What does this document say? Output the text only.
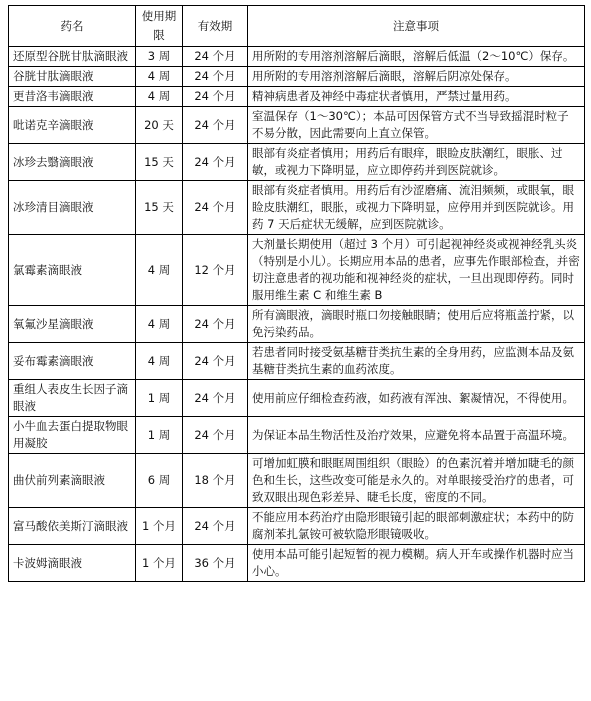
药名	使用期限	有效期	注意事项
还原型谷胱甘肽滴眼液	3 周	24 个月	用所附的专用溶剂溶解后滴眼，溶解后低温（2～10℃）保存。
谷胱甘肽滴眼液	4 周	24 个月	用所附的专用溶剂溶解后滴眼，溶解后阴凉处保存。
更昔洛韦滴眼液	4 周	24 个月	精神病患者及神经中毒症状者慎用，严禁过量用药。
吡诺克辛滴眼液	20 天	24 个月	室温保存（1～30℃）；本品可因保管方式不当导致摇混时粒子不易分散，因此需要向上直立保管。
冰珍去翳滴眼液	15 天	24 个月	眼部有炎症者慎用；用药后有眼痒，眼睑皮肤潮红，眼胀、过敏，或视力下降明显，应立即停药并到医院就诊。
冰珍清目滴眼液	15 天	24 个月	眼部有炎症者慎用。用药后有沙涩磨痛、流泪频频，或眼氧，眼睑皮肤潮红，眼胀，或视力下降明显，应停用并到医院就诊。用药 7 天后症状无缓解，应到医院就诊。
氯霉素滴眼液	4 周	12 个月	大剂量长期使用（超过 3 个月）可引起视神经炎或视神经乳头炎（特别是小儿）。长期应用本品的患者，应事先作眼部检查，并密切注意患者的视功能和视神经炎的症状，一旦出现即停药。同时服用维生素 C 和维生素 B
氧氟沙星滴眼液	4 周	24 个月	所有滴眼液，滴眼时瓶口勿接触眼睛；使用后应将瓶盖拧紧，以免污染药品。
妥布霉素滴眼液	4 周	24 个月	若患者同时接受氨基糖苷类抗生素的全身用药，应监测本品及氨基糖苷类抗生素的血药浓度。
重组人表皮生长因子滴眼液	1 周	24 个月	使用前应仔细检查药液，如药液有浑浊、絮凝情况，不得使用。
小牛血去蛋白提取物眼用凝胶	1 周	24 个月	为保证本品生物活性及治疗效果，应避免将本品置于高温环境。
曲伏前列素滴眼液	6 周	18 个月	可增加虹膜和眼眶周围组织（眼睑）的色素沉着并增加睫毛的颜色和生长，这些改变可能是永久的。对单眼接受治疗的患者，可致双眼出现色彩差异、睫毛长度，密度的不同。
富马酸依美斯汀滴眼液	1 个月	24 个月	不能应用本药治疗由隐形眼镜引起的眼部刺激症状；本药中的防腐剂苯扎氯铵可被软隐形眼镜吸收。
卡波姆滴眼液	1 个月	36 个月	使用本品可能引起短暂的视力模糊。病人开车或操作机器时应当小心。
